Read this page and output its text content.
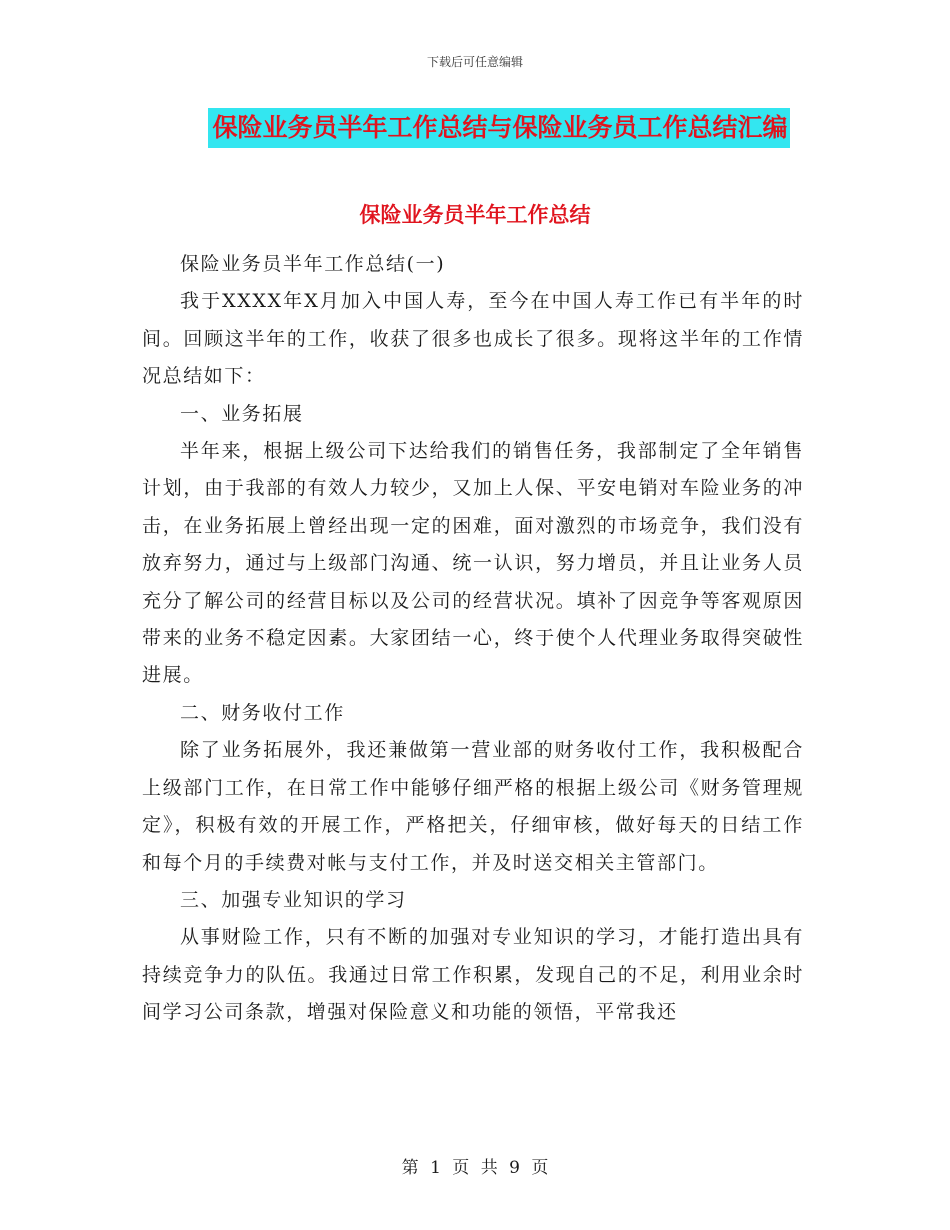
下载后可任意编辑
保险业务员半年工作总结与保险业务员工作总结汇编
保险业务员半年工作总结

保险业务员半年工作总结(一)

我于XXXX年X月加入中国人寿，至今在中国人寿工作已有半年的时间。回顾这半年的工作，收获了很多也成长了很多。现将这半年的工作情况总结如下：

一、业务拓展

半年来，根据上级公司下达给我们的销售任务，我部制定了全年销售计划，由于我部的有效人力较少，又加上人保、平安电销对车险业务的冲击，在业务拓展上曾经出现一定的困难，面对激烈的市场竞争，我们没有放弃努力，通过与上级部门沟通、统一认识，努力增员，并且让业务人员充分了解公司的经营目标以及公司的经营状况。填补了因竞争等客观原因带来的业务不稳定因素。大家团结一心，终于使个人代理业务取得突破性进展。

二、财务收付工作

除了业务拓展外，我还兼做第一营业部的财务收付工作，我积极配合上级部门工作，在日常工作中能够仔细严格的根据上级公司《财务管理规定》，积极有效的开展工作，严格把关，仔细审核，做好每天的日结工作和每个月的手续费对帐与支付工作，并及时送交相关主管部门。

三、加强专业知识的学习

从事财险工作，只有不断的加强对专业知识的学习，才能打造出具有持续竞争力的队伍。我通过日常工作积累，发现自己的不足，利用业余时间学习公司条款，增强对保险意义和功能的领悟，平常我还

第 1 页 共 9 页
